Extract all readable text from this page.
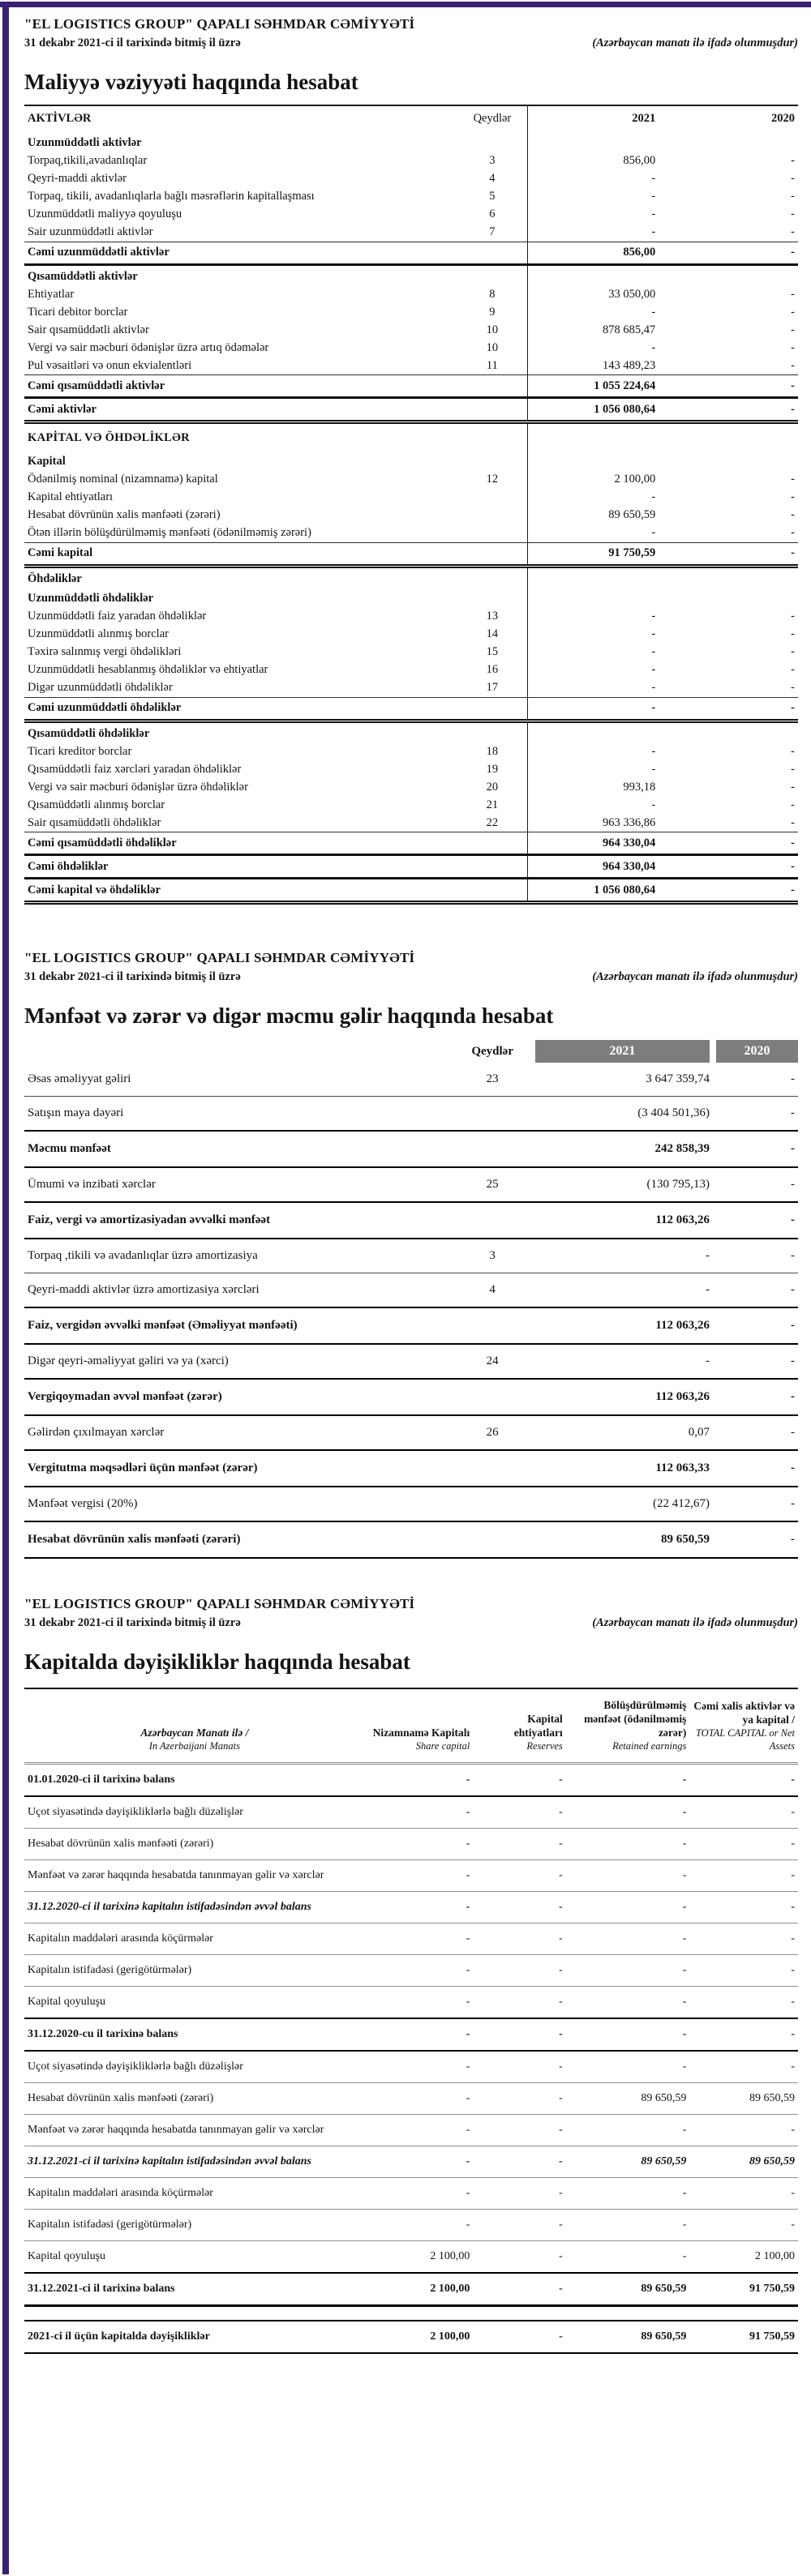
"EL LOGISTICS GROUP" QAPALI SƏHMDAR CƏMİYYƏTİ
31 dekabr 2021-ci il tarixində bitmiş il üzrə	(Azərbaycan manatı ilə ifadə olunmuşdur)
Maliyyə vəziyyəti haqqında hesabat
AKTİVLƏR	Qeydlər	2021	2020
Uzunmüddətli aktivlər			
Torpaq,tikili,avadanlıqlar	3	856,00	-
Qeyri-maddi aktivlər	4	-	-
Torpaq, tikili, avadanlıqlarla bağlı məsrəflərin kapitallaşması	5	-	-
Uzunmüddətli maliyyə qoyuluşu	6	-	-
Sair uzunmüddətli aktivlər	7	-	-
Cəmi uzunmüddətli aktivlər		856,00	-
Qısamüddətli aktivlər			
Ehtiyatlar	8	33 050,00	-
Ticari debitor borclar	9	-	-
Sair qısamüddətli aktivlər	10	878 685,47	-
Vergi və sair məcburi ödənişlər üzrə artıq ödəmələr	10	-	-
Pul vəsaitləri və onun ekvialentləri	11	143 489,23	-
Cəmi qısamüddətli aktivlər		1 055 224,64	-
Cəmi aktivlər		1 056 080,64	-
KAPİTAL VƏ ÖHDƏLİKLƏR			
Kapital			
Ödənilmiş nominal (nizamnamə) kapital	12	2 100,00	-
Kapital ehtiyatları		-	-
Hesabat dövrünün xalis mənfəəti (zərəri)		89 650,59	-
Ötən illərin bölüşdürülməmiş mənfəəti (ödənilməmiş zərəri)		-	-
Cəmi kapital		91 750,59	-
Öhdəliklər			
Uzunmüddətli öhdəliklər			
Uzunmüddətli faiz yaradan öhdəliklər	13	-	-
Uzunmüddətli alınmış borclar	14	-	-
Təxirə salınmış vergi öhdəlikləri	15	-	-
Uzunmüddətli hesablanmış öhdəliklər və ehtiyatlar	16	-	-
Digər uzunmüddətli öhdəliklər	17	-	-
Cəmi uzunmüddətli öhdəliklər		-	-
Qısamüddətli öhdəliklər			
Ticari kreditor borclar	18	-	-
Qısamüddətli faiz xərcləri yaradan öhdəliklər	19	-	-
Vergi və sair məcburi ödənişlər üzrə öhdəliklər	20	993,18	-
Qısamüddətli alınmış borclar	21	-	-
Sair qısamüddətli öhdəliklər	22	963 336,86	-
Cəmi qısamüddətli öhdəliklər		964 330,04	-
Cəmi öhdəliklər		964 330,04	-
Cəmi kapital və öhdəliklər		1 056 080,64	-
"EL LOGISTICS GROUP" QAPALI SƏHMDAR CƏMİYYƏTİ
31 dekabr 2021-ci il tarixində bitmiş il üzrə	(Azərbaycan manatı ilə ifadə olunmuşdur)
Mənfəət və zərər və digər məcmu gəlir haqqında hesabat
	Qeydlər	2021	2020
Əsas əməliyyat gəliri	23	3 647 359,74	-
Satışın maya dəyəri		(3 404 501,36)	-
Məcmu mənfəət		242 858,39	-
Ümumi və inzibati xərclər	25	(130 795,13)	-
Faiz, vergi və amortizasiyadan əvvəlki mənfəət		112 063,26	-
Torpaq ,tikili və avadanlıqlar üzrə amortizasiya	3	-	-
Qeyri-maddi aktivlər üzrə amortizasiya xərcləri	4	-	-
Faiz, vergidən əvvəlki mənfəət (Əməliyyat mənfəəti)		112 063,26	-
Digər qeyri-əməliyyat gəliri və ya (xərci)	24	-	-
Vergiqoymadan əvvəl mənfəət (zərər)		112 063,26	-
Gəlirdən çıxılmayan xərclər	26	0,07	-
Vergitutma məqsədləri üçün mənfəət (zərər)		112 063,33	-
Mənfəət vergisi (20%)		(22 412,67)	-
Hesabat dövrünün xalis mənfəəti (zərəri)		89 650,59	-
"EL LOGISTICS GROUP" QAPALI SƏHMDAR CƏMİYYƏTİ
31 dekabr 2021-ci il tarixində bitmiş il üzrə	(Azərbaycan manatı ilə ifadə olunmuşdur)
Kapitalda dəyişikliklər haqqında hesabat
Azərbaycan Manatı ilə /
In Azerbaijani Manats

Nizamnamə Kapitalı
Share capital

Kapital ehtiyatları
Reserves

Bölüşdürülməmiş mənfəət (ödənilməmiş zərər)
Retained earnings

Cəmi xalis aktivlər və ya kapital /
TOTAL CAPITAL or Net Assets

01.01.2020-ci il tarixinə balans	-	-	-	-
Uçot siyasətində dəyişikliklərlə bağlı düzəlişlər	-	-	-	-
Hesabat dövrünün xalis mənfəəti (zərəri)	-	-	-	-
Mənfəət və zərər haqqında hesabatda tanınmayan gəlir və xərclər	-	-	-	-
31.12.2020-ci il tarixinə kapitalın istifadəsindən əvvəl balans	-	-	-	-
Kapitalın maddələri arasında köçürmələr	-	-	-	-
Kapitalın istifadəsi (gerigötürmələr)	-	-	-	-
Kapital qoyuluşu	-	-	-	-
31.12.2020-cu il tarixinə balans	-	-	-	-
Uçot siyasətində dəyişikliklərlə bağlı düzəlişlər	-	-	-	-
Hesabat dövrünün xalis mənfəəti (zərəri)	-	-	89 650,59	89 650,59
Mənfəət və zərər haqqında hesabatda tanınmayan gəlir və xərclər	-	-	-	-
31.12.2021-ci il tarixinə kapitalın istifadəsindən əvvəl balans	-	-	89 650,59	89 650,59
Kapitalın maddələri arasında köçürmələr	-	-	-	-
Kapitalın istifadəsi (gerigötürmələr)	-	-	-	-
Kapital qoyuluşu	2 100,00	-	-	2 100,00
31.12.2021-ci il tarixinə balans	2 100,00	-	89 650,59	91 750,59

2021-ci il üçün kapitalda dəyişikliklər	2 100,00	-	89 650,59	91 750,59
